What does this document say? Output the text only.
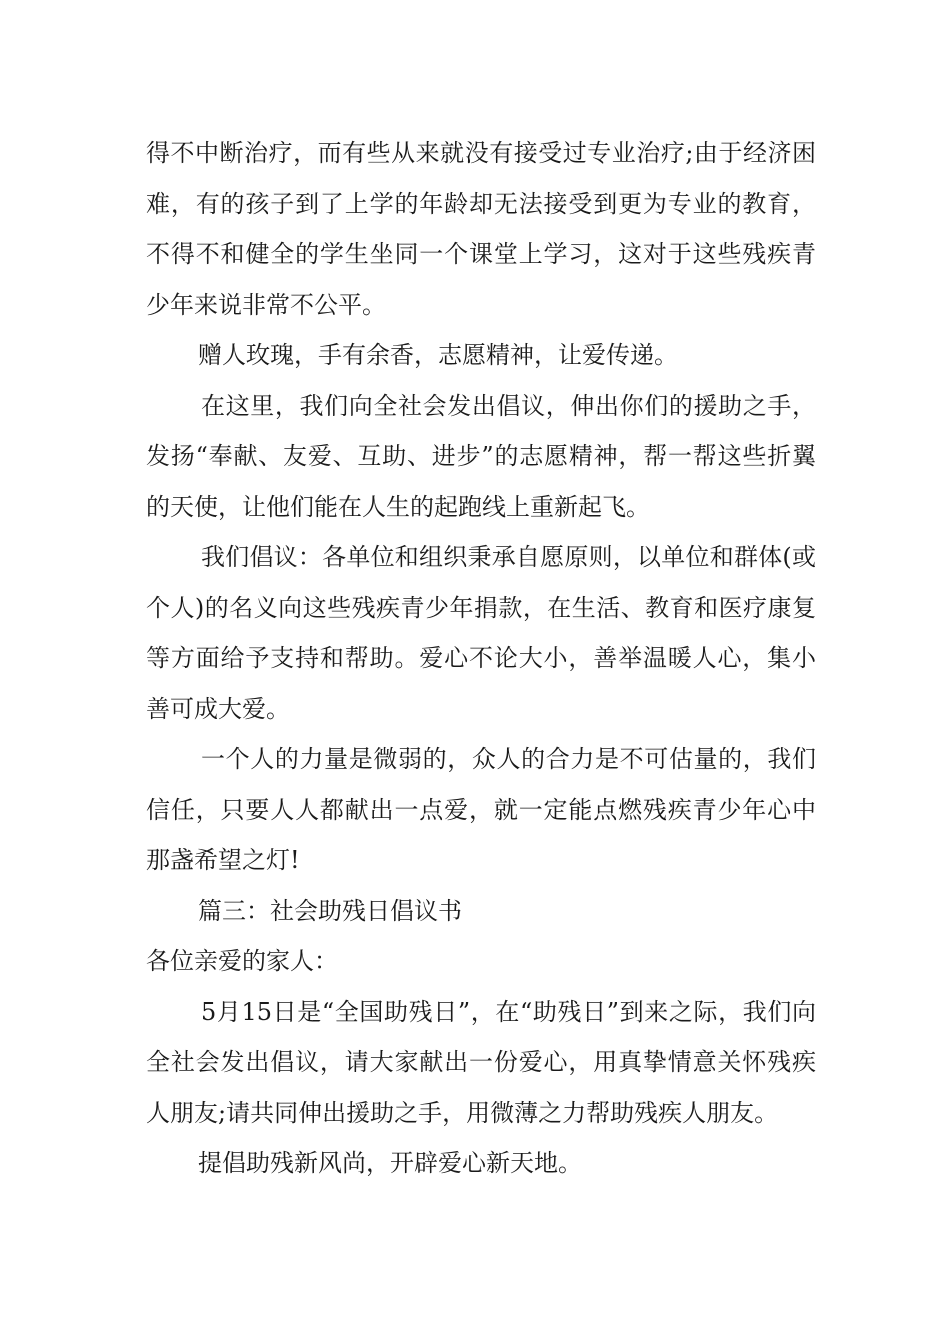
得不中断治疗，而有些从来就没有接受过专业治疗;由于经济困难，有的孩子到了上学的年龄却无法接受到更为专业的教育，不得不和健全的学生坐同一个课堂上学习，这对于这些残疾青少年来说非常不公平。

赠人玫瑰，手有余香，志愿精神，让爱传递。

在这里，我们向全社会发出倡议，伸出你们的援助之手，发扬“奉献、友爱、互助、进步”的志愿精神，帮一帮这些折翼的天使，让他们能在人生的起跑线上重新起飞。

我们倡议：各单位和组织秉承自愿原则，以单位和群体(或个人)的名义向这些残疾青少年捐款，在生活、教育和医疗康复等方面给予支持和帮助。爱心不论大小，善举温暖人心，集小善可成大爱。

一个人的力量是微弱的，众人的合力是不可估量的，我们信任，只要人人都献出一点爱，就一定能点燃残疾青少年心中那盏希望之灯!

篇三：社会助残日倡议书

各位亲爱的家人：

5月15日是“全国助残日”，在“助残日”到来之际，我们向全社会发出倡议，请大家献出一份爱心，用真挚情意关怀残疾人朋友;请共同伸出援助之手，用微薄之力帮助残疾人朋友。

提倡助残新风尚，开辟爱心新天地。
